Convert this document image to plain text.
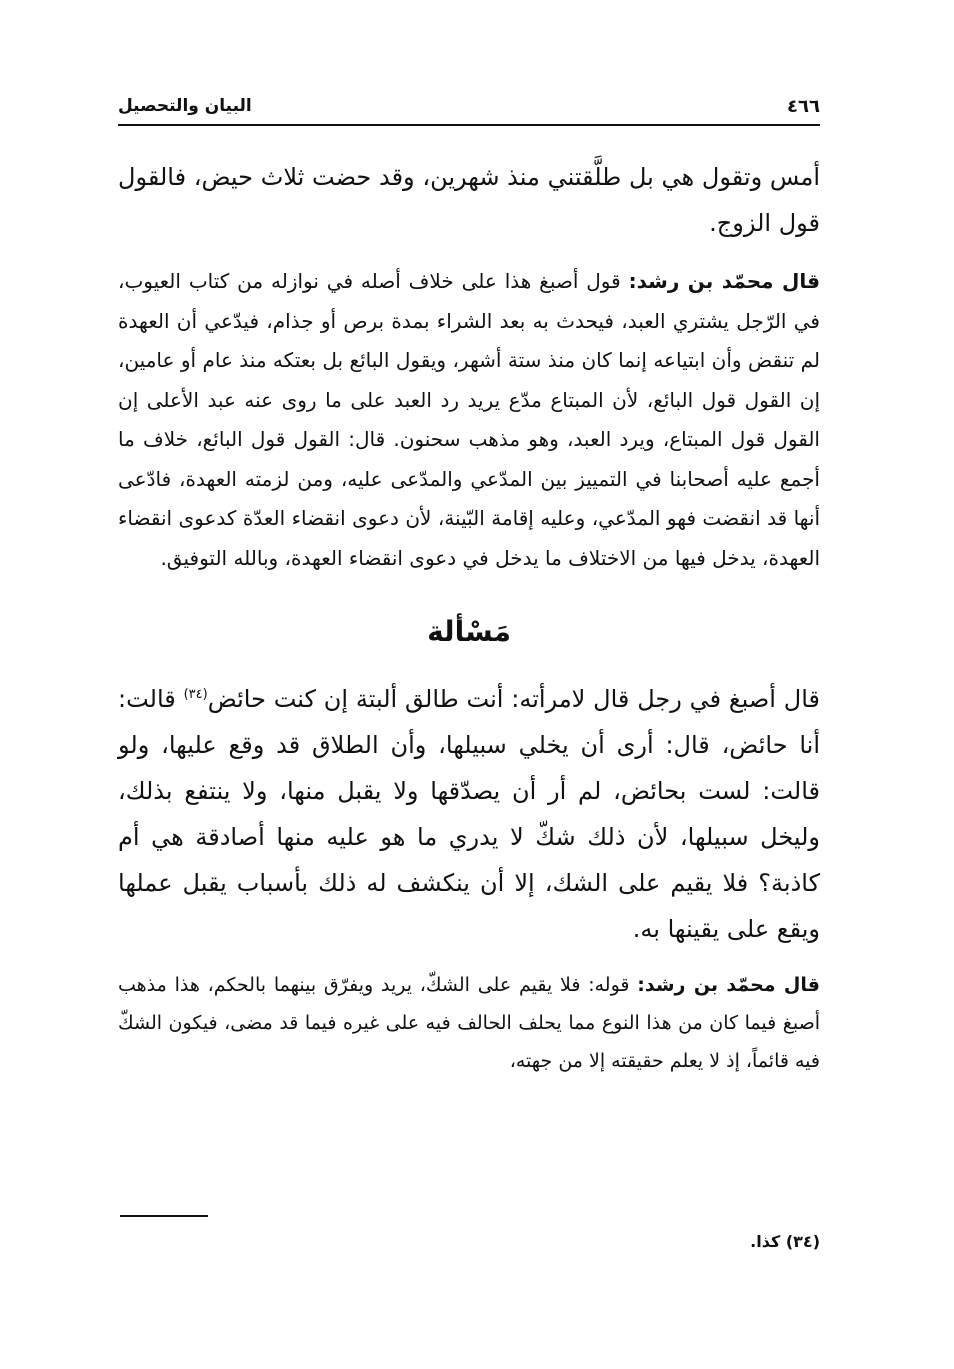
٤٦٦
البيان والتحصيل

أمس وتقول هي بل طلَّقتني منذ شهرين، وقد حضت ثلاث حيض، فالقول قول الزوج.

قال محمّد بن رشد: قول أصبغ هذا على خلاف أصله في نوازله من كتاب العيوب، في الرّجل يشتري العبد، فيحدث به بعد الشراء بمدة برص أو جذام، فيدّعي أن العهدة لم تنقض وأن ابتياعه إنما كان منذ ستة أشهر، ويقول البائع بل بعتكه منذ عام أو عامين، إن القول قول البائع، لأن المبتاع مدّع يريد رد العبد على ما روى عنه عبد الأعلى إن القول قول المبتاع، ويرد العبد، وهو مذهب سحنون. قال: القول قول البائع، خلاف ما أجمع عليه أصحابنا في التمييز بين المدّعي والمدّعى عليه، ومن لزمته العهدة، فادّعى أنها قد انقضت فهو المدّعي، وعليه إقامة البّينة، لأن دعوى انقضاء العدّة كدعوى انقضاء العهدة، يدخل فيها من الاختلاف ما يدخل في دعوى انقضاء العهدة، وبالله التوفيق.

مَسْألة

قال أصبغ في رجل قال لامرأته: أنت طالق ألبتة إن كنت حائض$^{(٣٤)}$ قالت: أنا حائض، قال: أرى أن يخلي سبيلها، وأن الطلاق قد وقع عليها، ولو قالت: لست بحائض، لم أر أن يصدّقها ولا يقبل منها، ولا ينتفع بذلك، وليخل سبيلها، لأن ذلك شكّ لا يدري ما هو عليه منها أصادقة هي أم كاذبة؟ فلا يقيم على الشك، إلا أن ينكشف له ذلك بأسباب يقبل عملها ويقع على يقينها به.

قال محمّد بن رشد: قوله: فلا يقيم على الشكّ، يريد ويفرّق بينهما بالحكم، هذا مذهب أصبغ فيما كان من هذا النوع مما يحلف الحالف فيه على غيره فيما قد مضى، فيكون الشكّ فيه قائماً، إذ لا يعلم حقيقته إلا من جهته،

(٣٤) كذا.
